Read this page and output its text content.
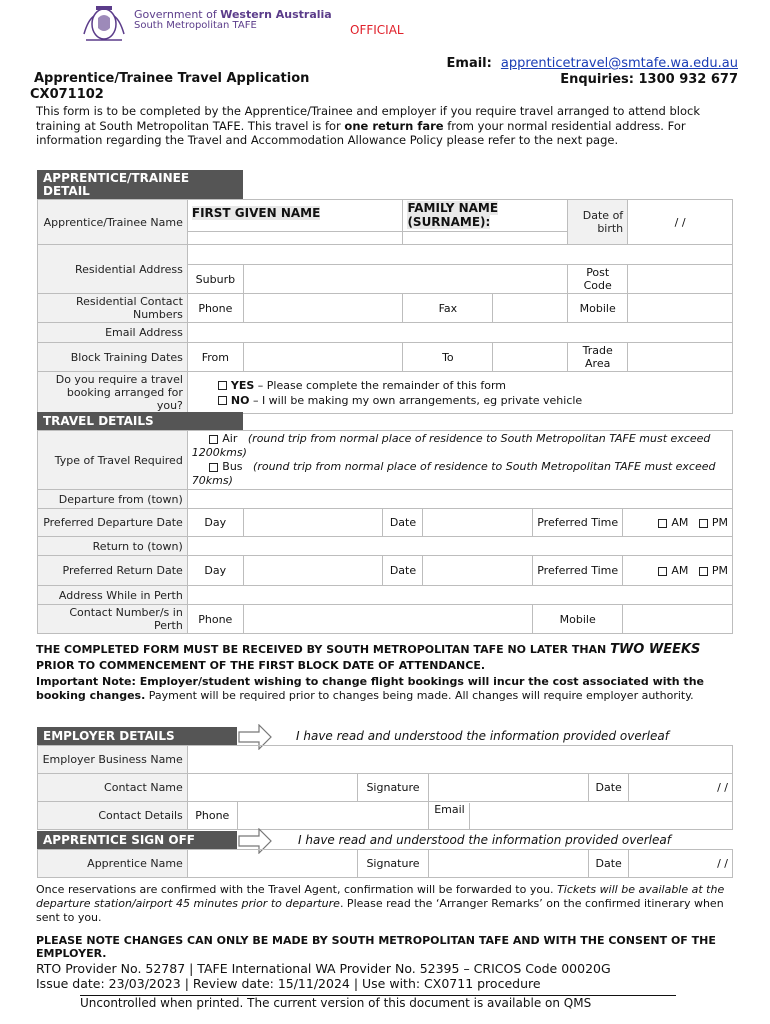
Government of Western Australia
South Metropolitan TAFE	OFFICIAL
Email: apprenticetravel@smtafe.wa.edu.au
Enquiries: 1300 932 677
Apprentice/Trainee Travel Application
CX071102
This form is to be completed by the Apprentice/Trainee and employer if you require travel arranged to attend block training at South Metropolitan TAFE. This travel is for one return fare from your normal residential address. For information regarding the Travel and Accommodation Allowance Policy please refer to the next page.
APPRENTICE/TRAINEE DETAIL
Apprentice/Trainee Name	FIRST GIVEN NAME		FAMILY NAME (SURNAME):		Date of birth	/ /

Residential Address						
	Suburb				Post Code	
Residential Contact Numbers	Phone		Fax		Mobile	
Email Address						
Block Training Dates	From		To		Trade Area	
Do you require a travel booking arranged for you?	YES – Please complete the remainder of this form
NO – I will be making my own arrangements, eg private vehicle					
TRAVEL DETAILS
Type of Travel Required	Air (round trip from normal place of residence to South Metropolitan TAFE must exceed 1200kms)
Bus (round trip from normal place of residence to South Metropolitan TAFE must exceed 70kms)					

Departure from (town)						
Preferred Departure Date	Day		Date		Preferred Time	AM PM
Return to (town)						
Preferred Return Date	Day		Date		Preferred Time	AM PM
Address While in Perth						
Contact Number/s in Perth	Phone				Mobile	
THE COMPLETED FORM MUST BE RECEIVED BY SOUTH METROPOLITAN TAFE NO LATER THAN TWO WEEKS PRIOR TO COMMENCEMENT OF THE FIRST BLOCK DATE OF ATTENDANCE.
Important Note: Employer/student wishing to change flight bookings will incur the cost associated with the booking changes. Payment will be required prior to changes being made. All changes will require employer authority.
EMPLOYER DETAILS	I have read and understood the information provided overleaf
Employer Business Name						
Contact Name			Signature		Date	/ /
Contact Details	Phone			Email		
APPRENTICE SIGN OFF	I have read and understood the information provided overleaf
Apprentice Name		Signature		Date	/ /
Once reservations are confirmed with the Travel Agent, confirmation will be forwarded to you. Tickets will be available at the departure station/airport 45 minutes prior to departure. Please read the ‘Arranger Remarks’ on the confirmed itinerary when sent to you.
PLEASE NOTE CHANGES CAN ONLY BE MADE BY SOUTH METROPOLITAN TAFE AND WITH THE CONSENT OF THE EMPLOYER.
RTO Provider No. 52787 | TAFE International WA Provider No. 52395 – CRICOS Code 00020G
Issue date: 23/03/2023 | Review date: 15/11/2024 | Use with: CX0711 procedure
Uncontrolled when printed. The current version of this document is available on QMS
